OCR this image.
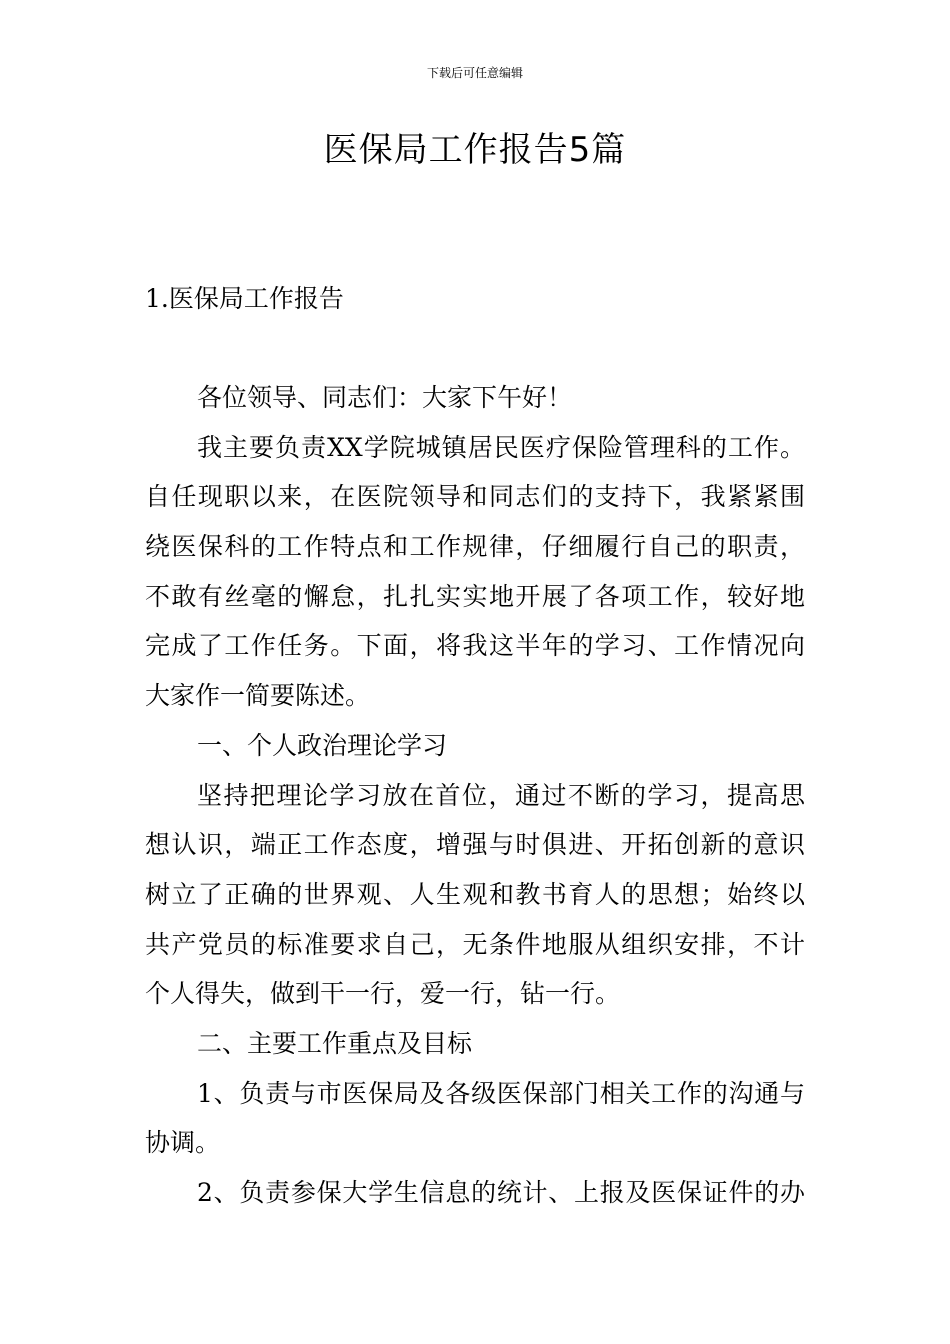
下载后可任意编辑
医保局工作报告5篇
1.医保局工作报告
各位领导、同志们：大家下午好！
我主要负责XX学院城镇居民医疗保险管理科的工作。
自任现职以来，在医院领导和同志们的支持下，我紧紧围
绕医保科的工作特点和工作规律，仔细履行自己的职责，
不敢有丝毫的懈怠，扎扎实实地开展了各项工作，较好地
完成了工作任务。下面，将我这半年的学习、工作情况向
大家作一简要陈述。
一、个人政治理论学习
坚持把理论学习放在首位，通过不断的学习，提高思
想认识，端正工作态度，增强与时俱进、开拓创新的意识
树立了正确的世界观、人生观和教书育人的思想；始终以
共产党员的标准要求自己，无条件地服从组织安排，不计
个人得失，做到干一行，爱一行，钻一行。
二、主要工作重点及目标
1、负责与市医保局及各级医保部门相关工作的沟通与
协调。
2、负责参保大学生信息的统计、上报及医保证件的办
